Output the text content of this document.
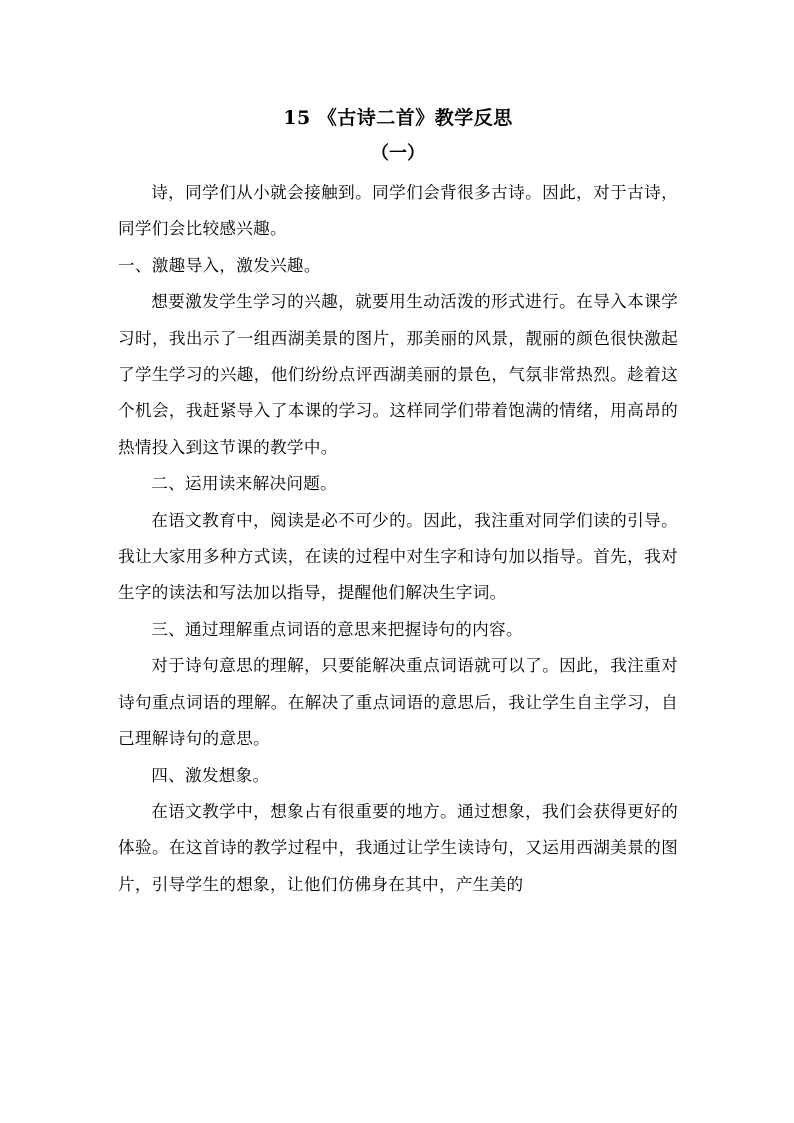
15 《古诗二首》教学反思
（一）

诗，同学们从小就会接触到。同学们会背很多古诗。因此，对于古诗，同学们会比较感兴趣。

一、激趣导入，激发兴趣。

想要激发学生学习的兴趣，就要用生动活泼的形式进行。在导入本课学习时，我出示了一组西湖美景的图片，那美丽的风景，靓丽的颜色很快激起了学生学习的兴趣，他们纷纷点评西湖美丽的景色，气氛非常热烈。趁着这个机会，我赶紧导入了本课的学习。这样同学们带着饱满的情绪，用高昂的热情投入到这节课的教学中。

二、运用读来解决问题。

在语文教育中，阅读是必不可少的。因此，我注重对同学们读的引导。我让大家用多种方式读，在读的过程中对生字和诗句加以指导。首先，我对生字的读法和写法加以指导，提醒他们解决生字词。

三、通过理解重点词语的意思来把握诗句的内容。

对于诗句意思的理解，只要能解决重点词语就可以了。因此，我注重对诗句重点词语的理解。在解决了重点词语的意思后，我让学生自主学习，自己理解诗句的意思。

四、激发想象。

在语文教学中，想象占有很重要的地方。通过想象，我们会获得更好的体验。在这首诗的教学过程中，我通过让学生读诗句，又运用西湖美景的图片，引导学生的想象，让他们仿佛身在其中，产生美的
